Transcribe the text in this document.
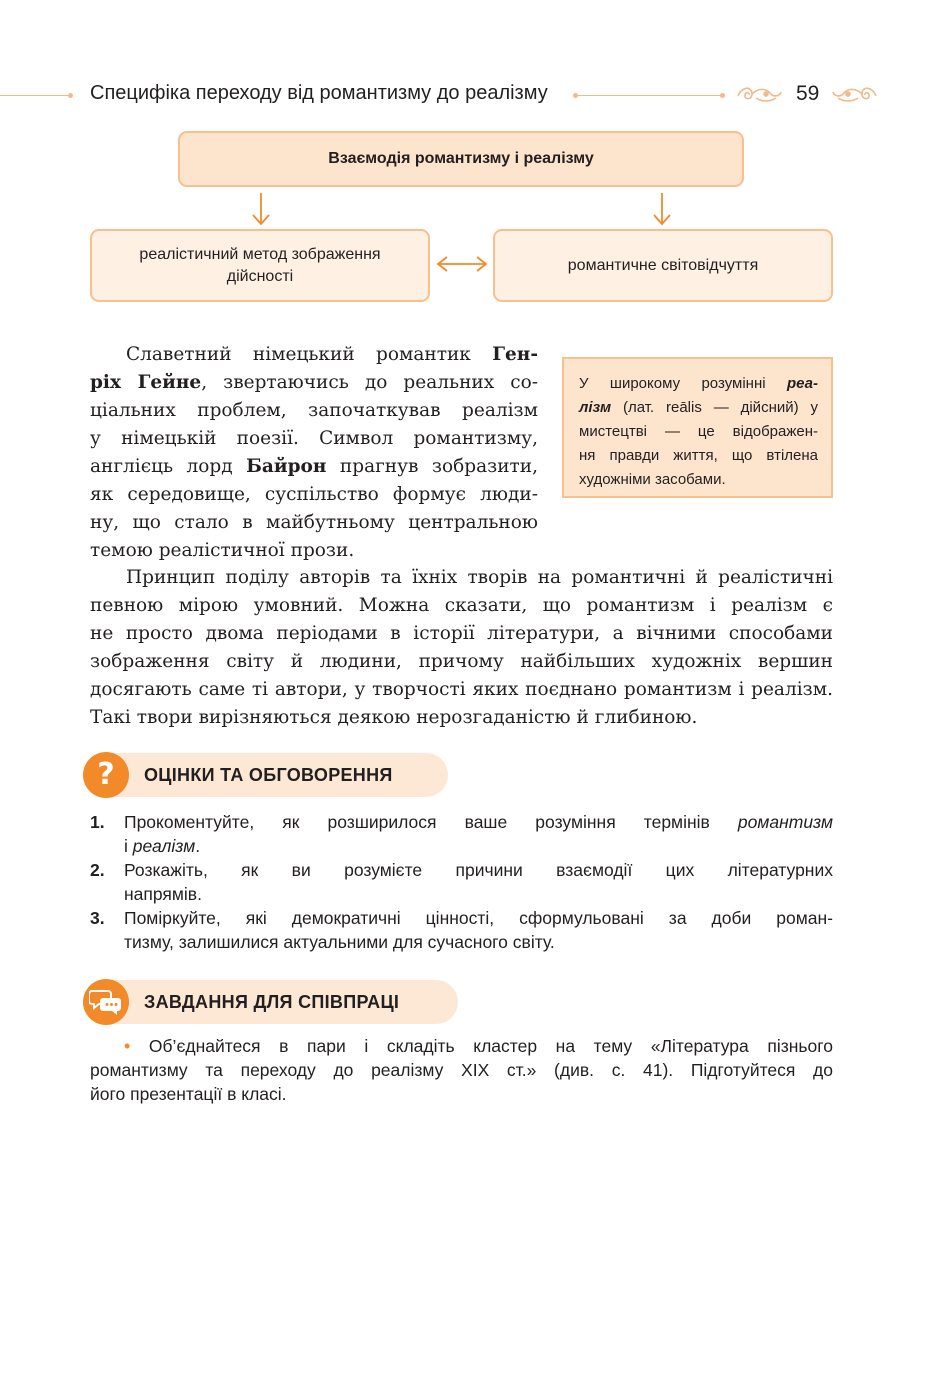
Специфіка переходу від романтизму до реалізму	59
Взаємодія романтизму і реалізму
реалістичний метод зображення дійсності
романтичне світовідчуття
Славетний німецький романтик Ген-
ріх Гейне, звертаючись до реальних со-
ціальних проблем, започаткував реалізм
у німецькій поезії. Символ романтизму,
англієць лорд Байрон прагнув зобразити,
як середовище, суспільство формує люди-
ну, що стало в майбутньому центральною
темою реалістичної прози.
У широкому розумінні реа-
лізм (лат. reālis — дійсний) у
мистецтві — це відображен-
ня правди життя, що втілена
художніми засобами.
Принцип поділу авторів та їхніх творів на романтичні й реалістичні
певною мірою умовний. Можна сказати, що романтизм і реалізм є
не просто двома періодами в історії літератури, а вічними способами
зображення світу й людини, причому найбільших художніх вершин
досягають саме ті автори, у творчості яких поєднано романтизм і реалізм.
Такі твори вирізняються деякою нерозгаданістю й глибиною.
? ОЦІНКИ ТА ОБГОВОРЕННЯ
1. Прокоментуйте, як розширилося ваше розуміння термінів романтизм
і реалізм.
2. Розкажіть, як ви розумієте причини взаємодії цих літературних
напрямів.
3. Поміркуйте, які демократичні цінності, сформульовані за доби роман-
тизму, залишилися актуальними для сучасного світу.
ЗАВДАННЯ ДЛЯ СПІВПРАЦІ
• Об’єднайтеся в пари і складіть кластер на тему «Література пізнього
романтизму та переходу до реалізму XIX ст.» (див. с. 41). Підготуйтеся до
його презентації в класі.
